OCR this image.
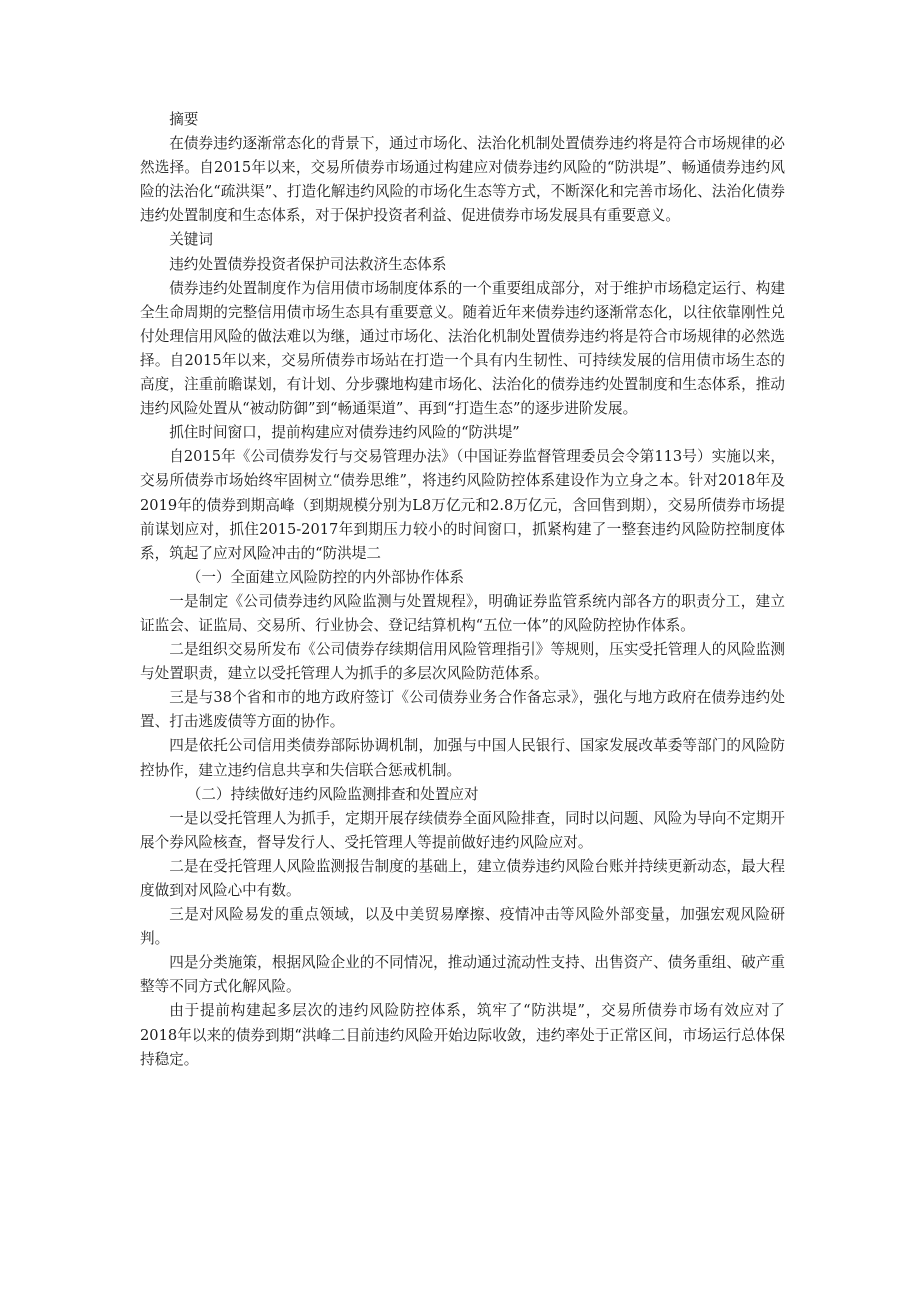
摘要

在债券违约逐渐常态化的背景下，通过市场化、法治化机制处置债券违约将是符合市场规律的必然选择。自2015年以来，交易所债券市场通过构建应对债券违约风险的“防洪堤”、畅通债券违约风险的法治化“疏洪渠”、打造化解违约风险的市场化生态等方式，不断深化和完善市场化、法治化债券违约处置制度和生态体系，对于保护投资者利益、促进债券市场发展具有重要意义。

关键词

违约处置债券投资者保护司法救济生态体系

债券违约处置制度作为信用债市场制度体系的一个重要组成部分，对于维护市场稳定运行、构建全生命周期的完整信用债市场生态具有重要意义。随着近年来债券违约逐渐常态化，以往依靠刚性兑付处理信用风险的做法难以为继，通过市场化、法治化机制处置债券违约将是符合市场规律的必然选择。自2015年以来，交易所债券市场站在打造一个具有内生韧性、可持续发展的信用债市场生态的高度，注重前瞻谋划，有计划、分步骤地构建市场化、法治化的债券违约处置制度和生态体系，推动违约风险处置从“被动防御”到“畅通渠道”、再到“打造生态”的逐步进阶发展。

抓住时间窗口，提前构建应对债券违约风险的“防洪堤”

自2015年《公司债券发行与交易管理办法》（中国证券监督管理委员会令第113号）实施以来，交易所债券市场始终牢固树立“债券思维”，将违约风险防控体系建设作为立身之本。针对2018年及2019年的债券到期高峰（到期规模分别为L8万亿元和2.8万亿元，含回售到期），交易所债券市场提前谋划应对，抓住2015-2017年到期压力较小的时间窗口，抓紧构建了一整套违约风险防控制度体系，筑起了应对风险冲击的“防洪堤二

（一）全面建立风险防控的内外部协作体系

一是制定《公司债券违约风险监测与处置规程》，明确证券监管系统内部各方的职责分工，建立证监会、证监局、交易所、行业协会、登记结算机构“五位一体”的风险防控协作体系。

二是组织交易所发布《公司债券存续期信用风险管理指引》等规则，压实受托管理人的风险监测与处置职责，建立以受托管理人为抓手的多层次风险防范体系。

三是与38个省和市的地方政府签订《公司债券业务合作备忘录》，强化与地方政府在债券违约处置、打击逃废债等方面的协作。

四是依托公司信用类债券部际协调机制，加强与中国人民银行、国家发展改革委等部门的风险防控协作，建立违约信息共享和失信联合惩戒机制。

（二）持续做好违约风险监测排查和处置应对

一是以受托管理人为抓手，定期开展存续债券全面风险排查，同时以问题、风险为导向不定期开展个券风险核查，督导发行人、受托管理人等提前做好违约风险应对。

二是在受托管理人风险监测报告制度的基础上，建立债券违约风险台账并持续更新动态，最大程度做到对风险心中有数。

三是对风险易发的重点领域，以及中美贸易摩擦、疫情冲击等风险外部变量，加强宏观风险研判。

四是分类施策，根据风险企业的不同情况，推动通过流动性支持、出售资产、债务重组、破产重整等不同方式化解风险。

由于提前构建起多层次的违约风险防控体系，筑牢了“防洪堤”，交易所债券市场有效应对了2018年以来的债券到期“洪峰二目前违约风险开始边际收敛，违约率处于正常区间，市场运行总体保持稳定。
